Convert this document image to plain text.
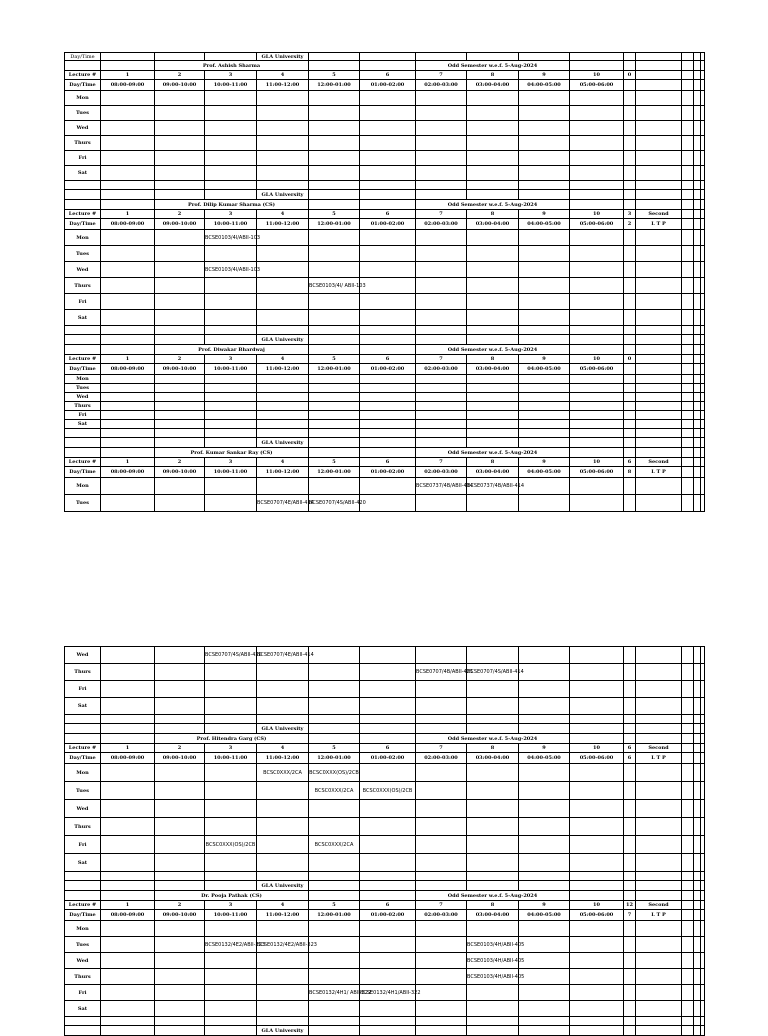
Day/Time				GLA University												
		Prof. Ashish Sharma					Odd Semester w.e.f. 5-Aug-2024									
Lecture #	1	2	3	4	5	6	7	8	9	10	0					
Day/Time	08:00-09:00	09:00-10:00	10:00-11:00	11:00-12:00	12:00-01:00	01:00-02:00	02:00-03:00	03:00-04:00	04:00-05:00	05:00-06:00						
Mon																
Tues																
Wed																
Thurs																
Fri																
Sat																

				GLA University												
		Prof. Dilip Kumar Sharma (CS)					Odd Semester w.e.f. 5-Aug-2024									
Lecture #	1	2	3	4	5	6	7	8	9	10	3	Second				
Day/Time	08:00-09:00	09:00-10:00	10:00-11:00	11:00-12:00	12:00-01:00	01:00-02:00	02:00-03:00	03:00-04:00	04:00-05:00	05:00-06:00	2	L T P				
Mon			BCSE0103/4I/ABII-103													
Tues																
Wed			BCSE0103/4I/ABII-103													
Thurs					BCSE0103/4I/ ABII-103											
Fri																
Sat																

				GLA University												
		Prof. Diwakar Bhardwaj					Odd Semester w.e.f. 5-Aug-2024									
Lecture #	1	2	3	4	5	6	7	8	9	10	0					
Day/Time	08:00-09:00	09:00-10:00	10:00-11:00	11:00-12:00	12:00-01:00	01:00-02:00	02:00-03:00	03:00-04:00	04:00-05:00	05:00-06:00						
Mon																
Tues																
Wed																
Thurs																
Fri																
Sat																

				GLA University												
		Prof. Kumar Sankar Ray (CS)					Odd Semester w.e.f. 5-Aug-2024									
Lecture #	1	2	3	4	5	6	7	8	9	10	6	Second				
Day/Time	08:00-09:00	09:00-10:00	10:00-11:00	11:00-12:00	12:00-01:00	01:00-02:00	02:00-03:00	03:00-04:00	04:00-05:00	05:00-06:00	8	L T P				
Mon							BCSE0737/4B/ABII-414	BCSE0737/4B/ABII-414								
Tues				BCSE0707/4E/ABII-414	BCSE0707/4S/ABII-420											
Wed			BCSE0707/4S/ABII-420	BCSE0707/4E/ABII-414												
Thurs							BCSE0707/4B/ABII-425	BCSE0707/4S/ABII-414								
Fri																
Sat																

				GLA University												
		Prof. Hitendra Garg (CS)					Odd Semester w.e.f. 5-Aug-2024									
Lecture #	1	2	3	4	5	6	7	8	9	10	6	Second				
Day/Time	08:00-09:00	09:00-10:00	10:00-11:00	11:00-12:00	12:00-01:00	01:00-02:00	02:00-03:00	03:00-04:00	04:00-05:00	05:00-06:00	6	L T P				
Mon				BCSC0XXX/2CA	BCSC0XXX(OS)/2CB											
Tues					BCSC0XXX/2CA	BCSC0XXX(OS)/2CB										
Wed																
Thurs																
Fri			BCSC0XXX(OS)/2CB		BCSC0XXX/2CA											
Sat																

				GLA University												
		Dr. Pooja Pathak (CS)					Odd Semester w.e.f. 5-Aug-2024									
Lecture #	1	2	3	4	5	6	7	8	9	10	12	Second				
Day/Time	08:00-09:00	09:00-10:00	10:00-11:00	11:00-12:00	12:00-01:00	01:00-02:00	02:00-03:00	03:00-04:00	04:00-05:00	05:00-06:00	7	L T P				
Mon																
Tues			BCSE0132/4E2/ABII-323	BCSE0132/4E2/ABII-323				BCSE0103/4H/ABII-405								
Wed								BCSE0103/4H/ABII-405								
Thurs								BCSE0103/4H/ABII-405								
Fri					BCSE0132/4H1/ ABII-322	BCSE0132/4H1/ABII-322										
Sat																

				GLA University												
